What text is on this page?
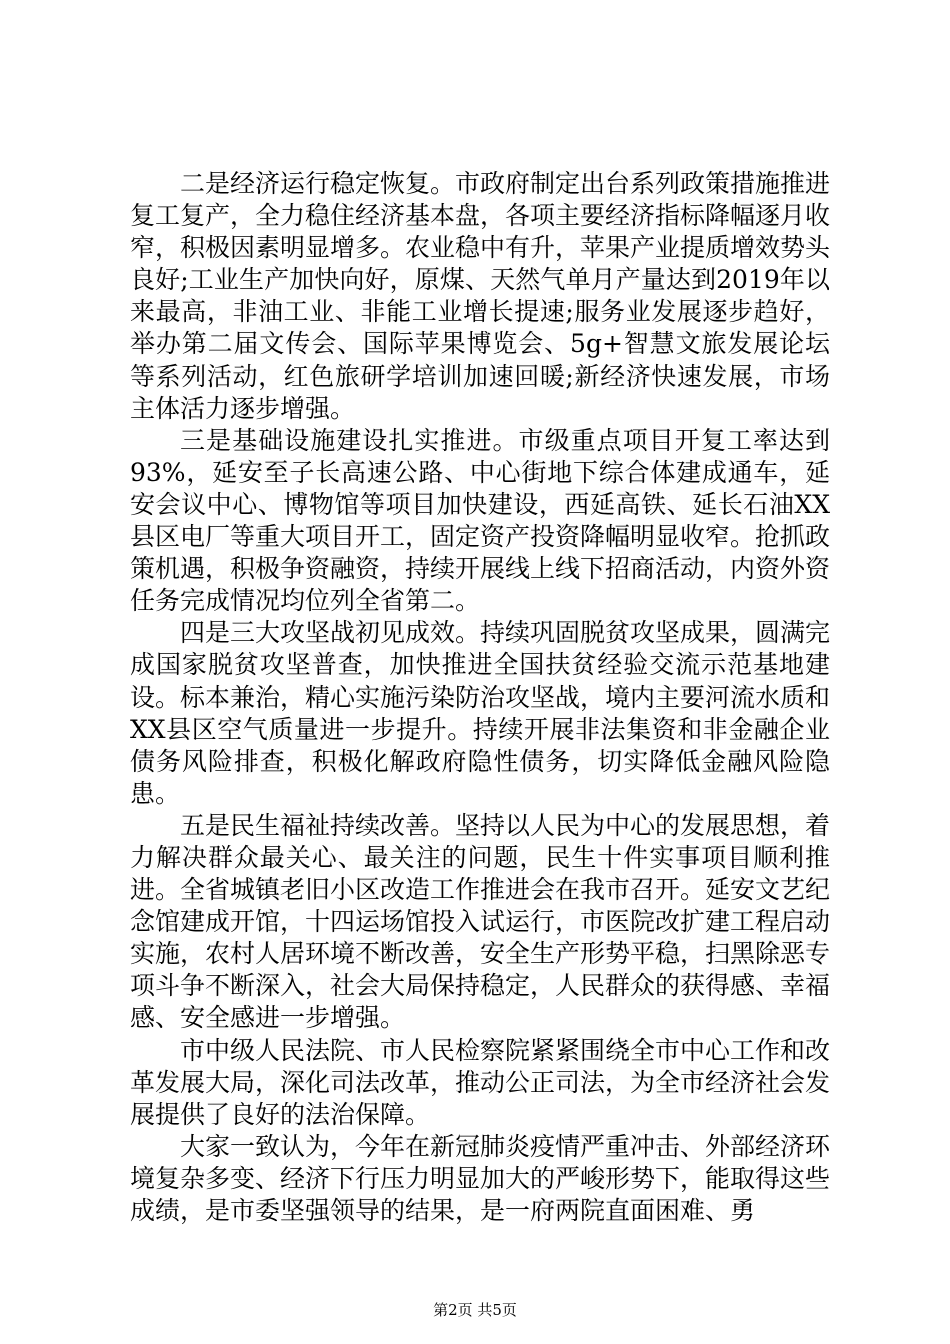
二是经济运行稳定恢复。市政府制定出台系列政策措施推进复工复产，全力稳住经济基本盘，各项主要经济指标降幅逐月收窄，积极因素明显增多。农业稳中有升，苹果产业提质增效势头良好;工业生产加快向好，原煤、天然气单月产量达到2019年以来最高，非油工业、非能工业增长提速;服务业发展逐步趋好，举办第二届文传会、国际苹果博览会、5g+智慧文旅发展论坛等系列活动，红色旅研学培训加速回暖;新经济快速发展，市场主体活力逐步增强。

三是基础设施建设扎实推进。市级重点项目开复工率达到93%，延安至子长高速公路、中心街地下综合体建成通车，延安会议中心、博物馆等项目加快建设，西延高铁、延长石油XX县区电厂等重大项目开工，固定资产投资降幅明显收窄。抢抓政策机遇，积极争资融资，持续开展线上线下招商活动，内资外资任务完成情况均位列全省第二。

四是三大攻坚战初见成效。持续巩固脱贫攻坚成果，圆满完成国家脱贫攻坚普查，加快推进全国扶贫经验交流示范基地建设。标本兼治，精心实施污染防治攻坚战，境内主要河流水质和XX县区空气质量进一步提升。持续开展非法集资和非金融企业债务风险排查，积极化解政府隐性债务，切实降低金融风险隐患。

五是民生福祉持续改善。坚持以人民为中心的发展思想，着力解决群众最关心、最关注的问题，民生十件实事项目顺利推进。全省城镇老旧小区改造工作推进会在我市召开。延安文艺纪念馆建成开馆，十四运场馆投入试运行，市医院改扩建工程启动实施，农村人居环境不断改善，安全生产形势平稳，扫黑除恶专项斗争不断深入，社会大局保持稳定，人民群众的获得感、幸福感、安全感进一步增强。

市中级人民法院、市人民检察院紧紧围绕全市中心工作和改革发展大局，深化司法改革，推动公正司法，为全市经济社会发展提供了良好的法治保障。

大家一致认为，今年在新冠肺炎疫情严重冲击、外部经济环境复杂多变、经济下行压力明显加大的严峻形势下，能取得这些成绩，是市委坚强领导的结果，是一府两院直面困难、勇

第2页 共5页
